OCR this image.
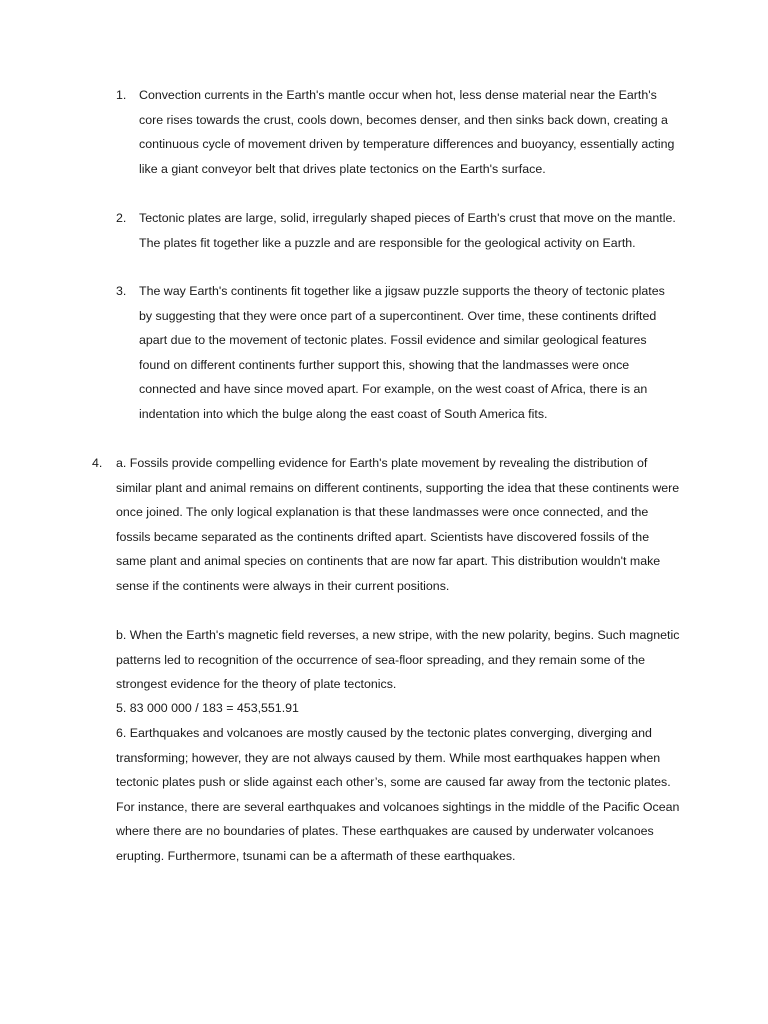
1. Convection currents in the Earth's mantle occur when hot, less dense material near the Earth's core rises towards the crust, cools down, becomes denser, and then sinks back down, creating a continuous cycle of movement driven by temperature differences and buoyancy, essentially acting like a giant conveyor belt that drives plate tectonics on the Earth's surface.

2. Tectonic plates are large, solid, irregularly shaped pieces of Earth's crust that move on the mantle. The plates fit together like a puzzle and are responsible for the geological activity on Earth.

3. The way Earth's continents fit together like a jigsaw puzzle supports the theory of tectonic plates by suggesting that they were once part of a supercontinent. Over time, these continents drifted apart due to the movement of tectonic plates. Fossil evidence and similar geological features found on different continents further support this, showing that the landmasses were once connected and have since moved apart. For example, on the west coast of Africa, there is an indentation into which the bulge along the east coast of South America fits.

4. a. Fossils provide compelling evidence for Earth's plate movement by revealing the distribution of similar plant and animal remains on different continents, supporting the idea that these continents were once joined. The only logical explanation is that these landmasses were once connected, and the fossils became separated as the continents drifted apart. Scientists have discovered fossils of the same plant and animal species on continents that are now far apart. This distribution wouldn't make sense if the continents were always in their current positions.

b. When the Earth's magnetic field reverses, a new stripe, with the new polarity, begins. Such magnetic patterns led to recognition of the occurrence of sea-floor spreading, and they remain some of the strongest evidence for the theory of plate tectonics.

5. 83 000 000 / 183 = 453,551.91

6. Earthquakes and volcanoes are mostly caused by the tectonic plates converging, diverging and transforming; however, they are not always caused by them. While most earthquakes happen when tectonic plates push or slide against each other’s, some are caused far away from the tectonic plates. For instance, there are several earthquakes and volcanoes sightings in the middle of the Pacific Ocean where there are no boundaries of plates. These earthquakes are caused by underwater volcanoes erupting. Furthermore, tsunami can be a aftermath of these earthquakes.
